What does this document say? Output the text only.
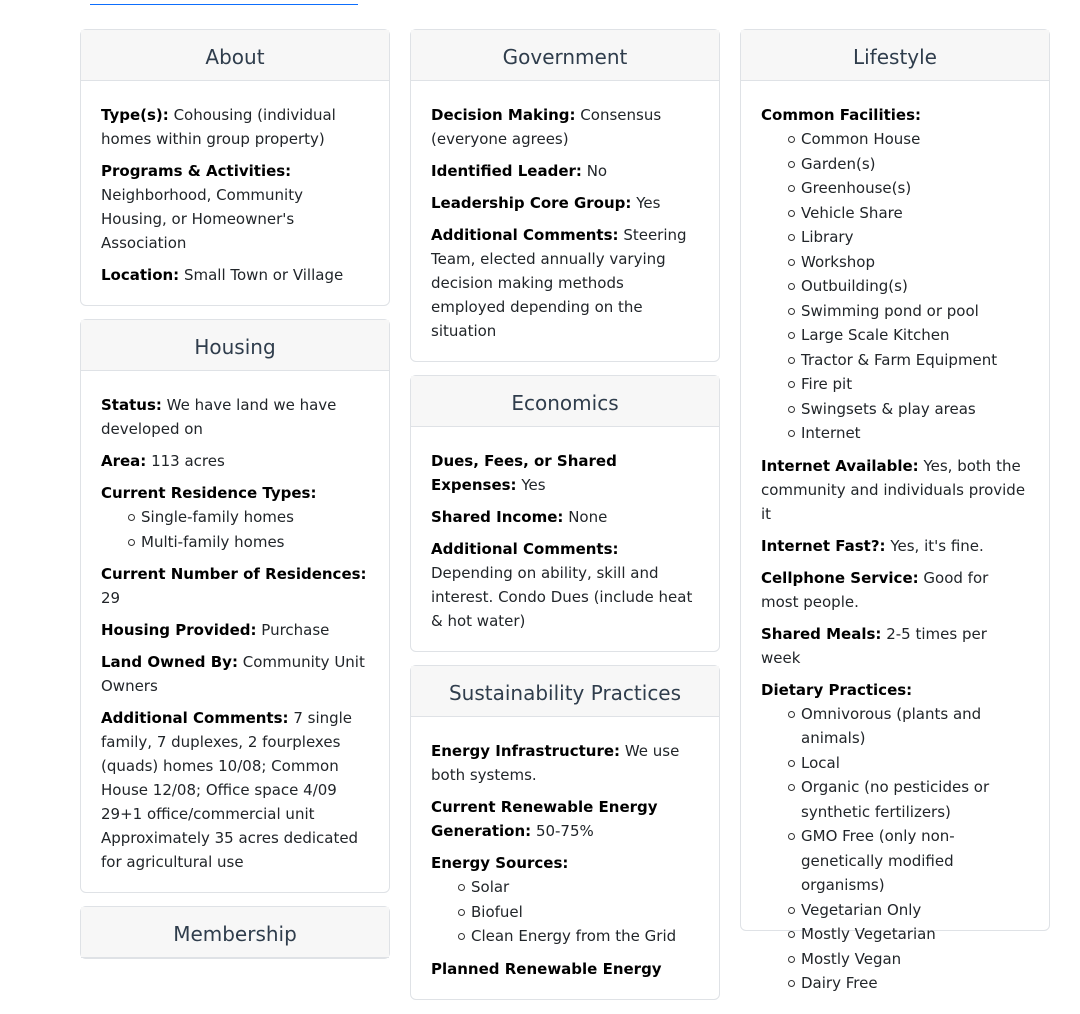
About
Type(s): Cohousing (individual homes within group property)
Programs & Activities: Neighborhood, Community Housing, or Homeowner's Association
Location: Small Town or Village
Housing
Status: We have land we have developed on
Area: 113 acres
Current Residence Types:
Single-family homes
Multi-family homes
Current Number of Residences: 29
Housing Provided: Purchase
Land Owned By: Community Unit Owners
Additional Comments: 7 single family, 7 duplexes, 2 fourplexes (quads) homes 10/08; Common House 12/08; Office space 4/09 29+1 office/commercial unit Approximately 35 acres dedicated for agricultural use
Membership
Government
Decision Making: Consensus (everyone agrees)
Identified Leader: No
Leadership Core Group: Yes
Additional Comments: Steering Team, elected annually varying decision making methods employed depending on the situation
Economics
Dues, Fees, or Shared Expenses: Yes
Shared Income: None
Additional Comments: Depending on ability, skill and interest. Condo Dues (include heat & hot water)
Sustainability Practices
Energy Infrastructure: We use both systems.
Current Renewable Energy Generation: 50-75%
Energy Sources:
Solar
Biofuel
Clean Energy from the Grid
Planned Renewable Energy
Lifestyle
Common Facilities:
Common House
Garden(s)
Greenhouse(s)
Vehicle Share
Library
Workshop
Outbuilding(s)
Swimming pond or pool
Large Scale Kitchen
Tractor & Farm Equipment
Fire pit
Swingsets & play areas
Internet
Internet Available: Yes, both the community and individuals provide it
Internet Fast?: Yes, it's fine.
Cellphone Service: Good for most people.
Shared Meals: 2-5 times per week
Dietary Practices:
Omnivorous (plants and animals)
Local
Organic (no pesticides or synthetic fertilizers)
GMO Free (only non-genetically modified organisms)
Vegetarian Only
Mostly Vegetarian
Mostly Vegan
Dairy Free
